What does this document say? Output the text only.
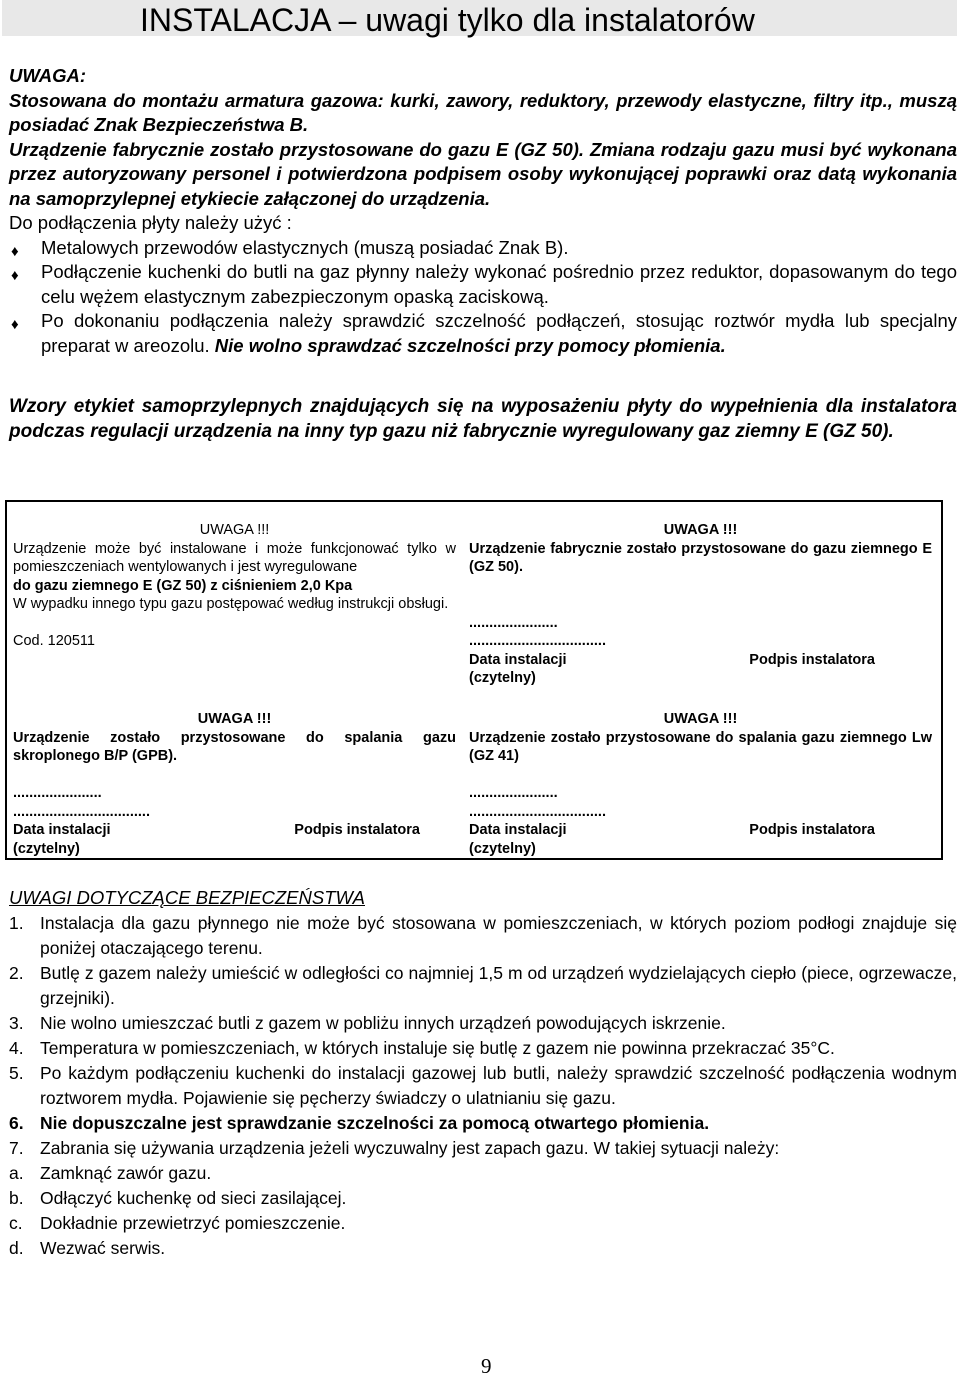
INSTALACJA – uwagi tylko dla instalatorów
UWAGA:
Stosowana do montażu armatura gazowa: kurki, zawory, reduktory, przewody elastyczne, filtry itp., muszą posiadać Znak Bezpieczeństwa B.
Urządzenie fabrycznie zostało przystosowane do gazu E (GZ 50). Zmiana rodzaju gazu musi być wykonana przez autoryzowany personel i potwierdzona podpisem osoby wykonującej poprawki oraz datą wykonania na samoprzylepnej etykiecie załączonej do urządzenia.
Do podłączenia płyty należy użyć :
♦ Metalowych przewodów elastycznych (muszą posiadać Znak B).
♦ Podłączenie kuchenki do butli na gaz płynny należy wykonać pośrednio przez reduktor, dopasowanym do tego celu wężem elastycznym zabezpieczonym opaską zaciskową.
♦ Po dokonaniu podłączenia należy sprawdzić szczelność podłączeń, stosując roztwór mydła lub specjalny preparat w areozolu. Nie wolno sprawdzać szczelności przy pomocy płomienia.
Wzory etykiet samoprzylepnych znajdujących się na wyposażeniu płyty do wypełnienia dla instalatora podczas regulacji urządzenia na inny typ gazu niż fabrycznie wyregulowany gaz ziemny E (GZ 50).
UWAGA !!!
Urządzenie może być instalowane i może funkcjonować tylko w pomieszczeniach wentylowanych i jest wyregulowane
do gazu ziemnego E (GZ 50) z ciśnieniem 2,0 Kpa
W wypadku innego typu gazu postępować według instrukcji obsługi.
Cod. 120511
UWAGA !!!
Urządzenie fabrycznie zostało przystosowane do gazu ziemnego E (GZ 50).
......................
..................................
Data instalacji	Podpis instalatora
(czytelny)
UWAGA !!!
Urządzenie zostało przystosowane do spalania gazu skroplonego B/P (GPB).
......................
..................................
Data instalacji	Podpis instalatora
(czytelny)
UWAGA !!!
Urządzenie zostało przystosowane do spalania gazu ziemnego Lw (GZ 41)
......................
..................................
Data instalacji	Podpis instalatora
(czytelny)
UWAGI DOTYCZĄCE BEZPIECZEŃSTWA
1. Instalacja dla gazu płynnego nie może być stosowana w pomieszczeniach, w których poziom podłogi znajduje się poniżej otaczającego terenu.
2. Butlę z gazem należy umieścić w odległości co najmniej 1,5 m od urządzeń wydzielających ciepło (piece, ogrzewacze, grzejniki).
3. Nie wolno umieszczać butli z gazem w pobliżu innych urządzeń powodujących iskrzenie.
4. Temperatura w pomieszczeniach, w których instaluje się butlę z gazem nie powinna przekraczać 35°C.
5. Po każdym podłączeniu kuchenki do instalacji gazowej lub butli, należy sprawdzić szczelność podłączenia wodnym roztworem mydła. Pojawienie się pęcherzy świadczy o ulatnianiu się gazu.
6. Nie dopuszczalne jest sprawdzanie szczelności za pomocą otwartego płomienia.
7. Zabrania się używania urządzenia jeżeli wyczuwalny jest zapach gazu. W takiej sytuacji należy:
a. Zamknąć zawór gazu.
b. Odłączyć kuchenkę od sieci zasilającej.
c. Dokładnie przewietrzyć pomieszczenie.
d. Wezwać serwis.
9
